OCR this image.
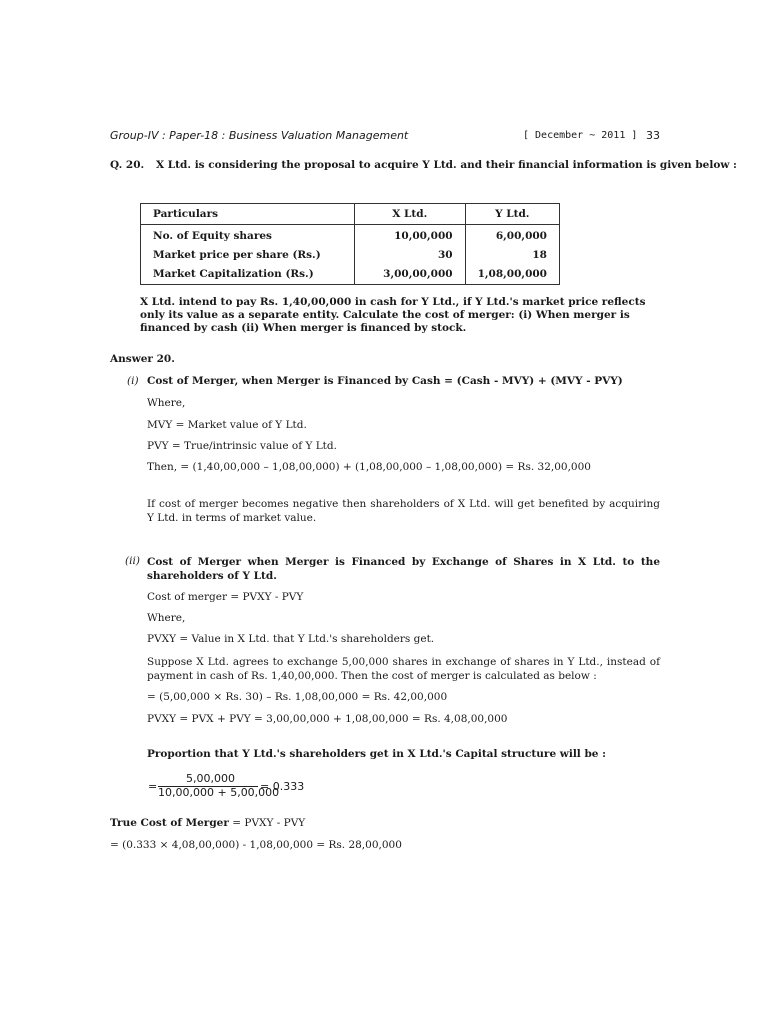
Group-IV : Paper-18 : Business Valuation Management	[ December ~ 2011 ] 33
Q. 20. X Ltd. is considering the proposal to acquire Y Ltd. and their financial information is given below :
Particulars	X Ltd.	Y Ltd.
No. of Equity shares	10,00,000	6,00,000
Market price per share (Rs.)	30	18
Market Capitalization (Rs.)	3,00,00,000	1,08,00,000
X Ltd. intend to pay Rs. 1,40,00,000 in cash for Y Ltd., if Y Ltd.'s market price reflects only its value as a separate entity. Calculate the cost of merger: (i) When merger is financed by cash (ii) When merger is financed by stock.
Answer 20.
(i) Cost of Merger, when Merger is Financed by Cash = (Cash - MVY) + (MVY - PVY)
Where,
MVY = Market value of Y Ltd.
PVY = True/intrinsic value of Y Ltd.
Then, = (1,40,00,000 – 1,08,00,000) + (1,08,00,000 – 1,08,00,000) = Rs. 32,00,000
If cost of merger becomes negative then shareholders of X Ltd. will get benefited by acquiring Y Ltd. in terms of market value.
(ii) Cost of Merger when Merger is Financed by Exchange of Shares in X Ltd. to the shareholders of Y Ltd.
Cost of merger = PVXY - PVY
Where,
PVXY = Value in X Ltd. that Y Ltd.'s shareholders get.
Suppose X Ltd. agrees to exchange 5,00,000 shares in exchange of shares in Y Ltd., instead of payment in cash of Rs. 1,40,00,000. Then the cost of merger is calculated as below :
= (5,00,000 × Rs. 30) – Rs. 1,08,00,000 = Rs. 42,00,000
PVXY = PVX + PVY = 3,00,00,000 + 1,08,00,000 = Rs. 4,08,00,000
Proportion that Y Ltd.'s shareholders get in X Ltd.'s Capital structure will be :
=
5,00,000
10,00,000 + 5,00,000
= 0.333
True Cost of Merger = PVXY - PVY
= (0.333 × 4,08,00,000) - 1,08,00,000 = Rs. 28,00,000
